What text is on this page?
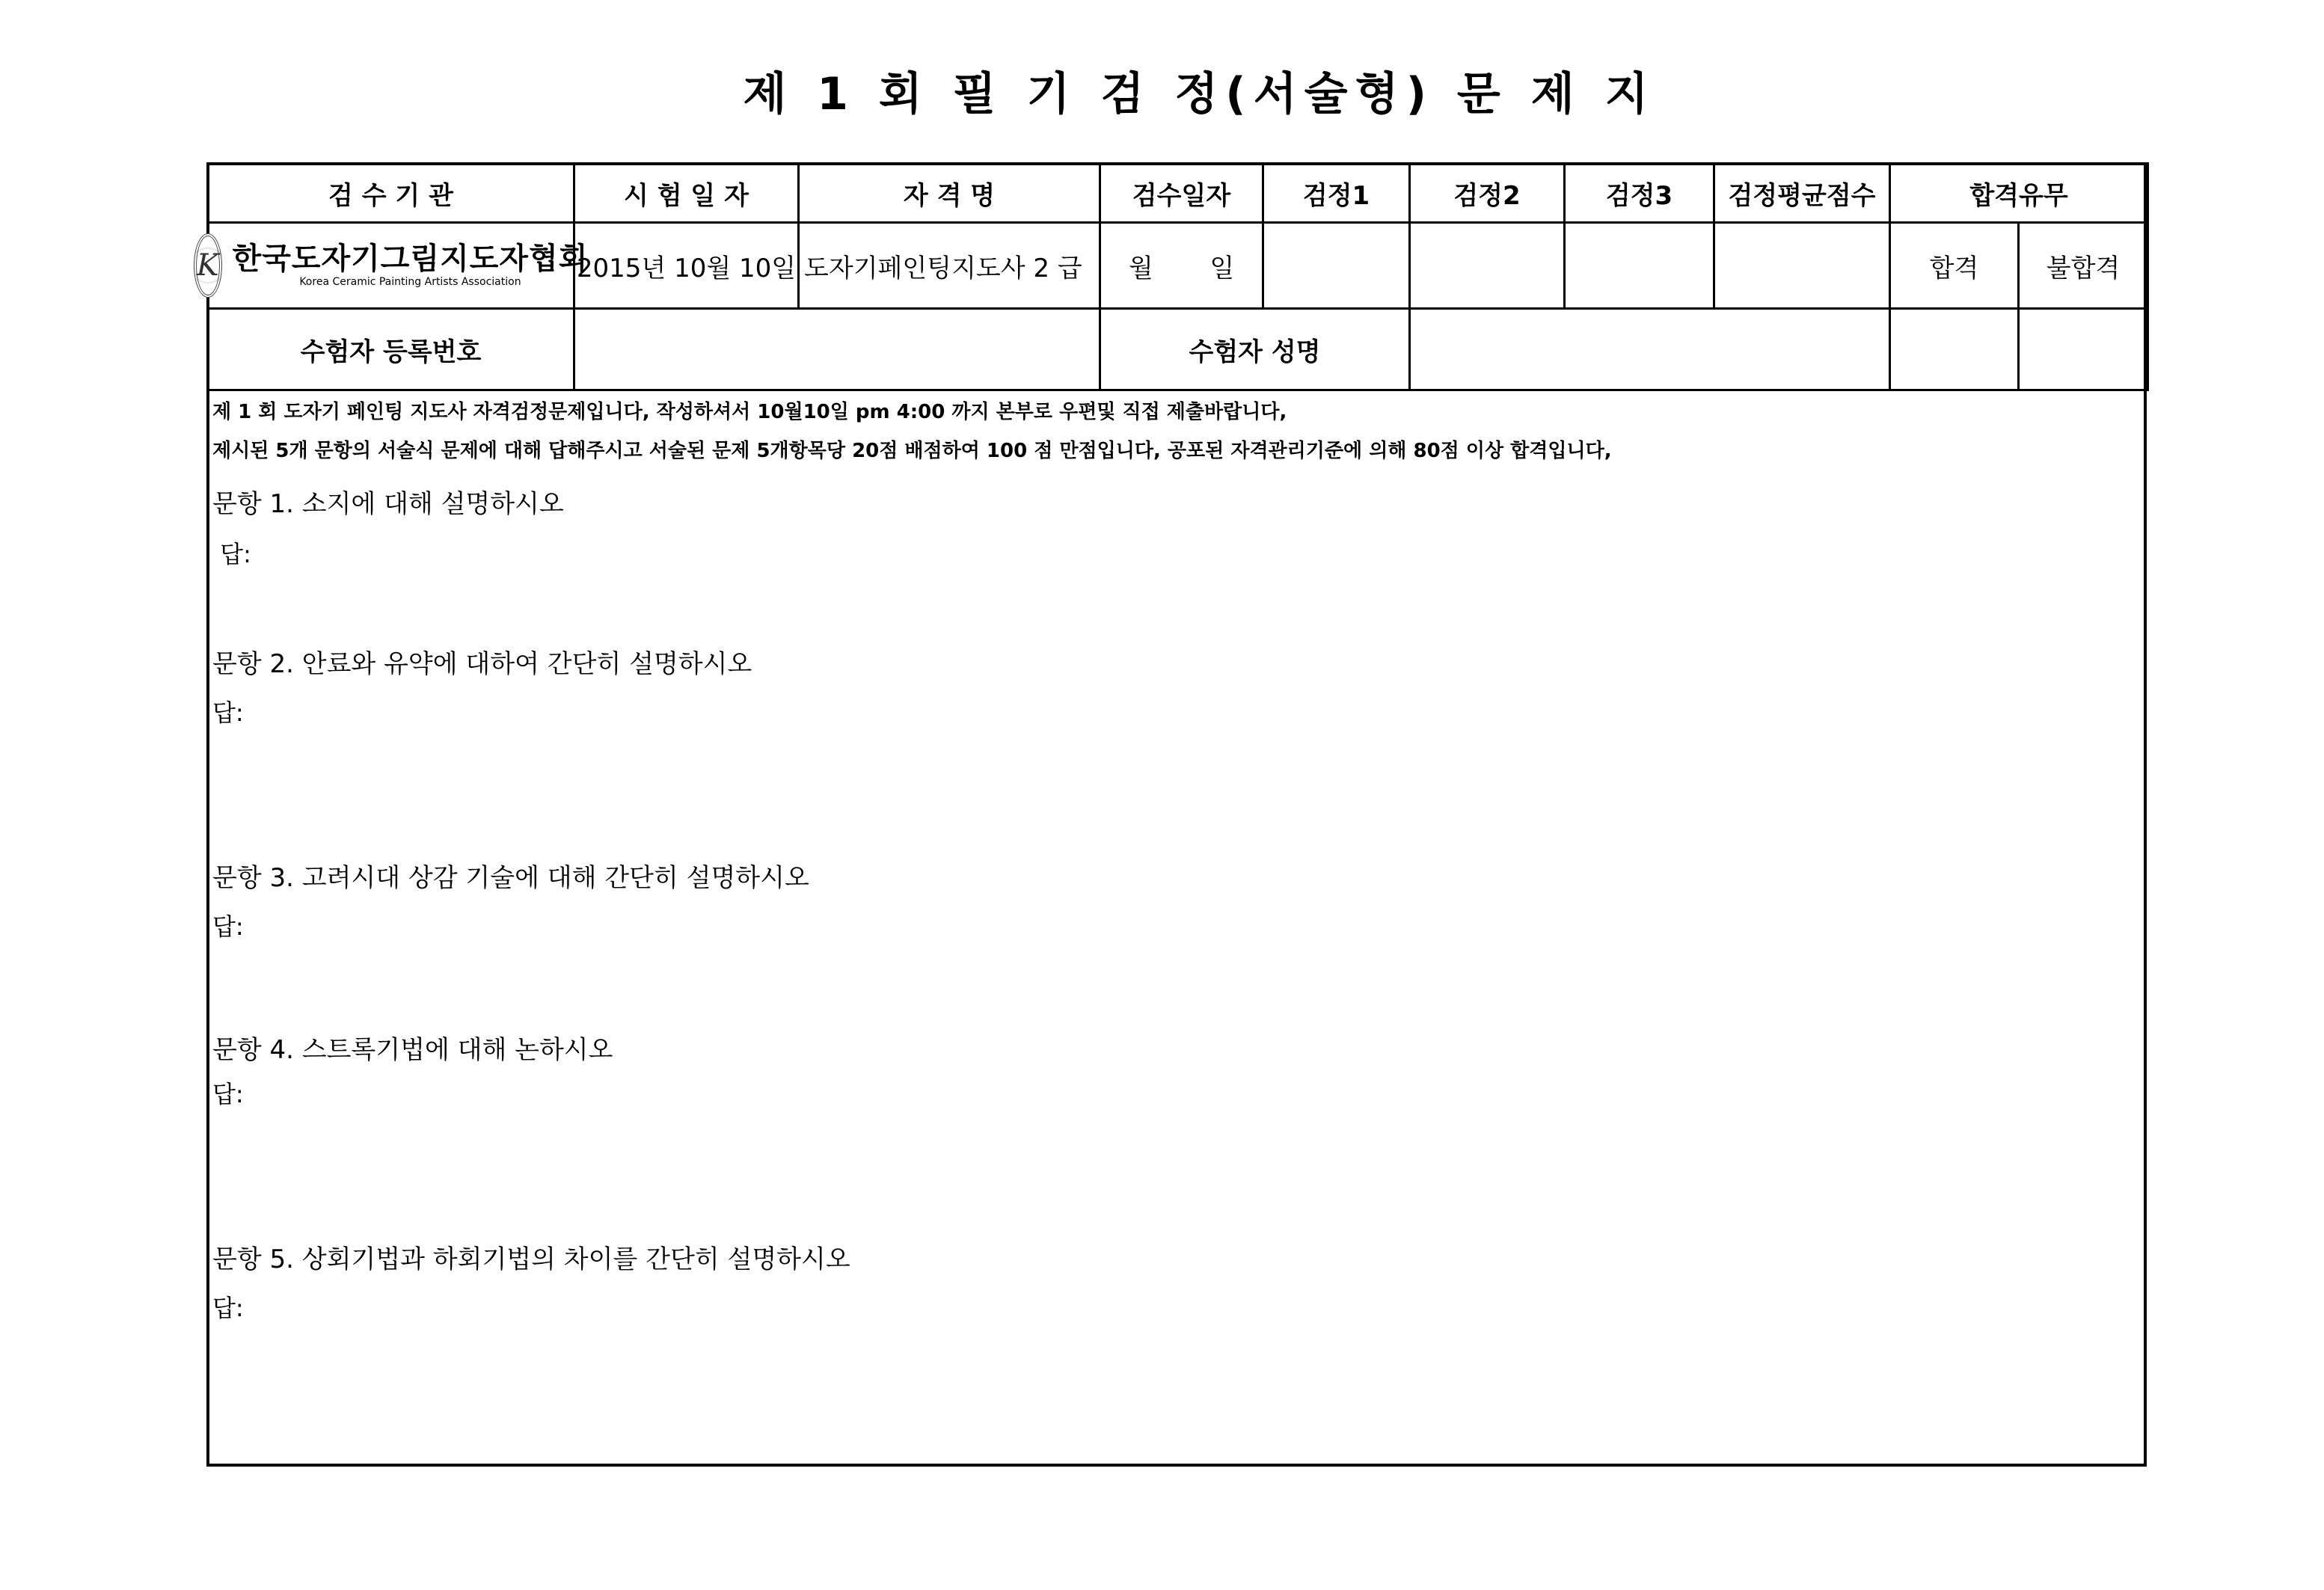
제 1 회 필 기 검 정(서술형) 문 제 지
검 수 기 관	시 험 일 자	자 격 명	검수일자	검정1	검정2	검정3	검정평균점수	합격유무	

K 한국도자기그림지도자협회
Korea Ceramic Painting Artists Association	2015년 10월 10일	도자기페인팅지도사 2 급	월       일					합격	불합격
수험자 등록번호			수험자 성명						
제 1 회 도자기 페인팅 지도사 자격검정문제입니다, 작성하셔서 10월10일 pm 4:00 까지 본부로 우편및 직접 제출바랍니다,
제시된 5개 문항의 서술식 문제에 대해 답해주시고 서술된 문제 5개항목당 20점 배점하여 100 점 만점입니다, 공포된 자격관리기준에 의해 80점 이상 합격입니다,
문항 1. 소지에 대해 설명하시오
답:
문항 2. 안료와 유약에 대하여 간단히 설명하시오
답:
문항 3. 고려시대 상감 기술에 대해 간단히 설명하시오
답:
문항 4. 스트록기법에 대해 논하시오
답:
문항 5. 상회기법과 하회기법의 차이를 간단히 설명하시오
답:
